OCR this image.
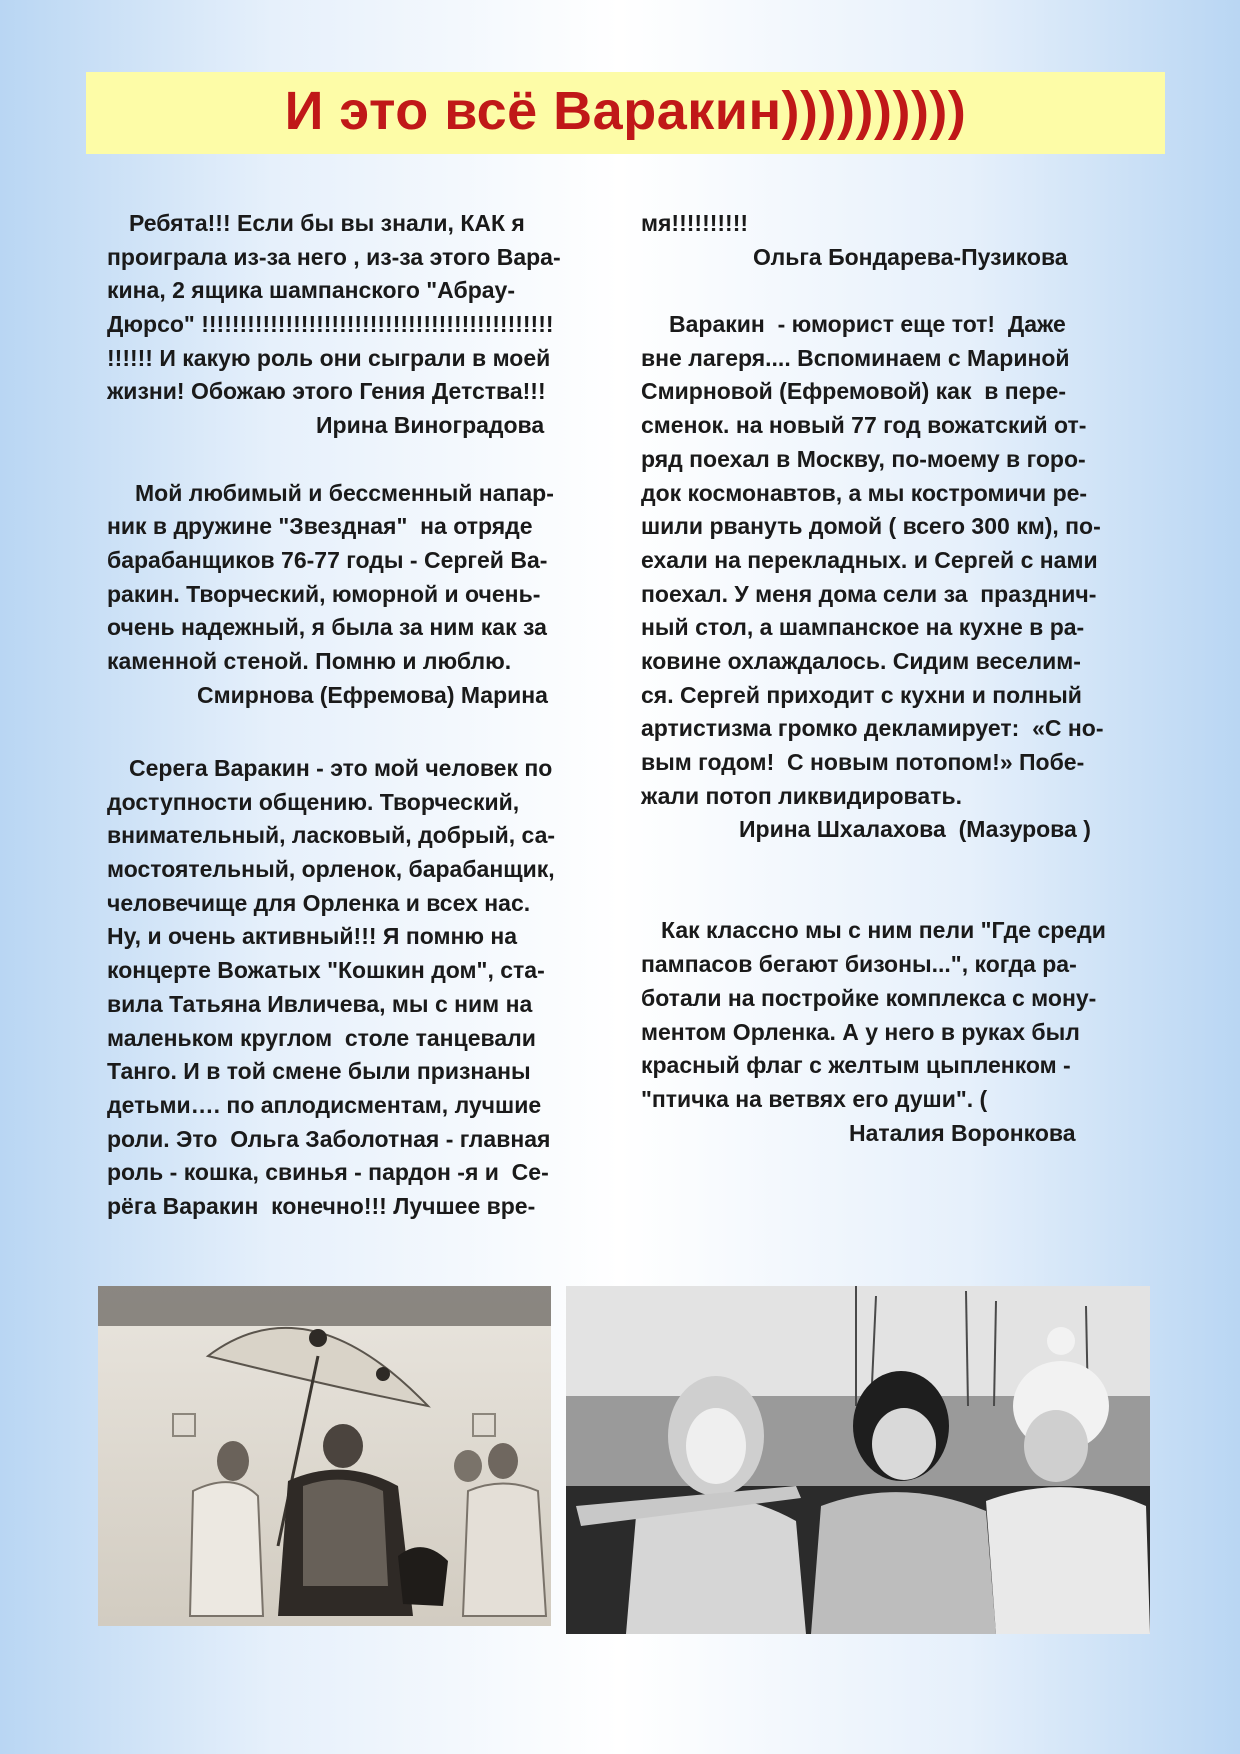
И это всё Варакин))))))))))
Ребята!!! Если бы вы знали, КАК я
проиграла из-за него , из-за этого Вара-
кина, 2 ящика шампанского "Абрау-
Дюрсо" !!!!!!!!!!!!!!!!!!!!!!!!!!!!!!!!!!!!!!!!!!!!!!
!!!!!! И какую роль они сыграли в моей
жизни! Обожаю этого Гения Детства!!!
Ирина Виноградова
Мой любимый и бессменный напар-
ник в дружине "Звездная"  на отряде
барабанщиков 76-77 годы - Сергей Ва-
ракин. Творческий, юморной и очень-
очень надежный, я была за ним как за
каменной стеной. Помню и люблю.
Смирнова (Ефремова) Марина
Серега Варакин - это мой человек по
доступности общению. Творческий,
внимательный, ласковый, добрый, са-
мостоятельный, орленок, барабанщик,
человечище для Орленка и всех нас.
Ну, и очень активный!!! Я помню на
концерте Вожатых "Кошкин дом", ста-
вила Татьяна Ивличева, мы с ним на
маленьком круглом  столе танцевали
Танго. И в той смене были признаны
детьми…. по аплодисментам, лучшие
роли. Это  Ольга Заболотная - главная
роль - кошка, свинья - пардон -я и  Се-
рёга Варакин  конечно!!! Лучшее вре-
мя!!!!!!!!!!
Ольга Бондарева-Пузикова
Варакин  - юморист еще тот!  Даже
вне лагеря.... Вспоминаем с Мариной
Смирновой (Ефремовой) как  в пере-
сменок. на новый 77 год вожатский от-
ряд поехал в Москву, по-моему в горо-
док космонавтов, а мы костромичи ре-
шили рвануть домой ( всего 300 км), по-
ехали на перекладных. и Сергей с нами
поехал. У меня дома сели за  празднич-
ный стол, а шампанское на кухне в ра-
ковине охлаждалось. Сидим веселим-
ся. Сергей приходит с кухни и полный
артистизма громко декламирует:  «С но-
вым годом!  С новым потопом!» Побе-
жали потоп ликвидировать.
Ирина Шхалахова  (Мазурова )
Как классно мы с ним пели "Где среди
пампасов бегают бизоны...", когда ра-
ботали на постройке комплекса с мону-
ментом Орленка. А у него в руках был
красный флаг с желтым цыпленком -
"птичка на ветвях его души". (
Наталия Воронкова
